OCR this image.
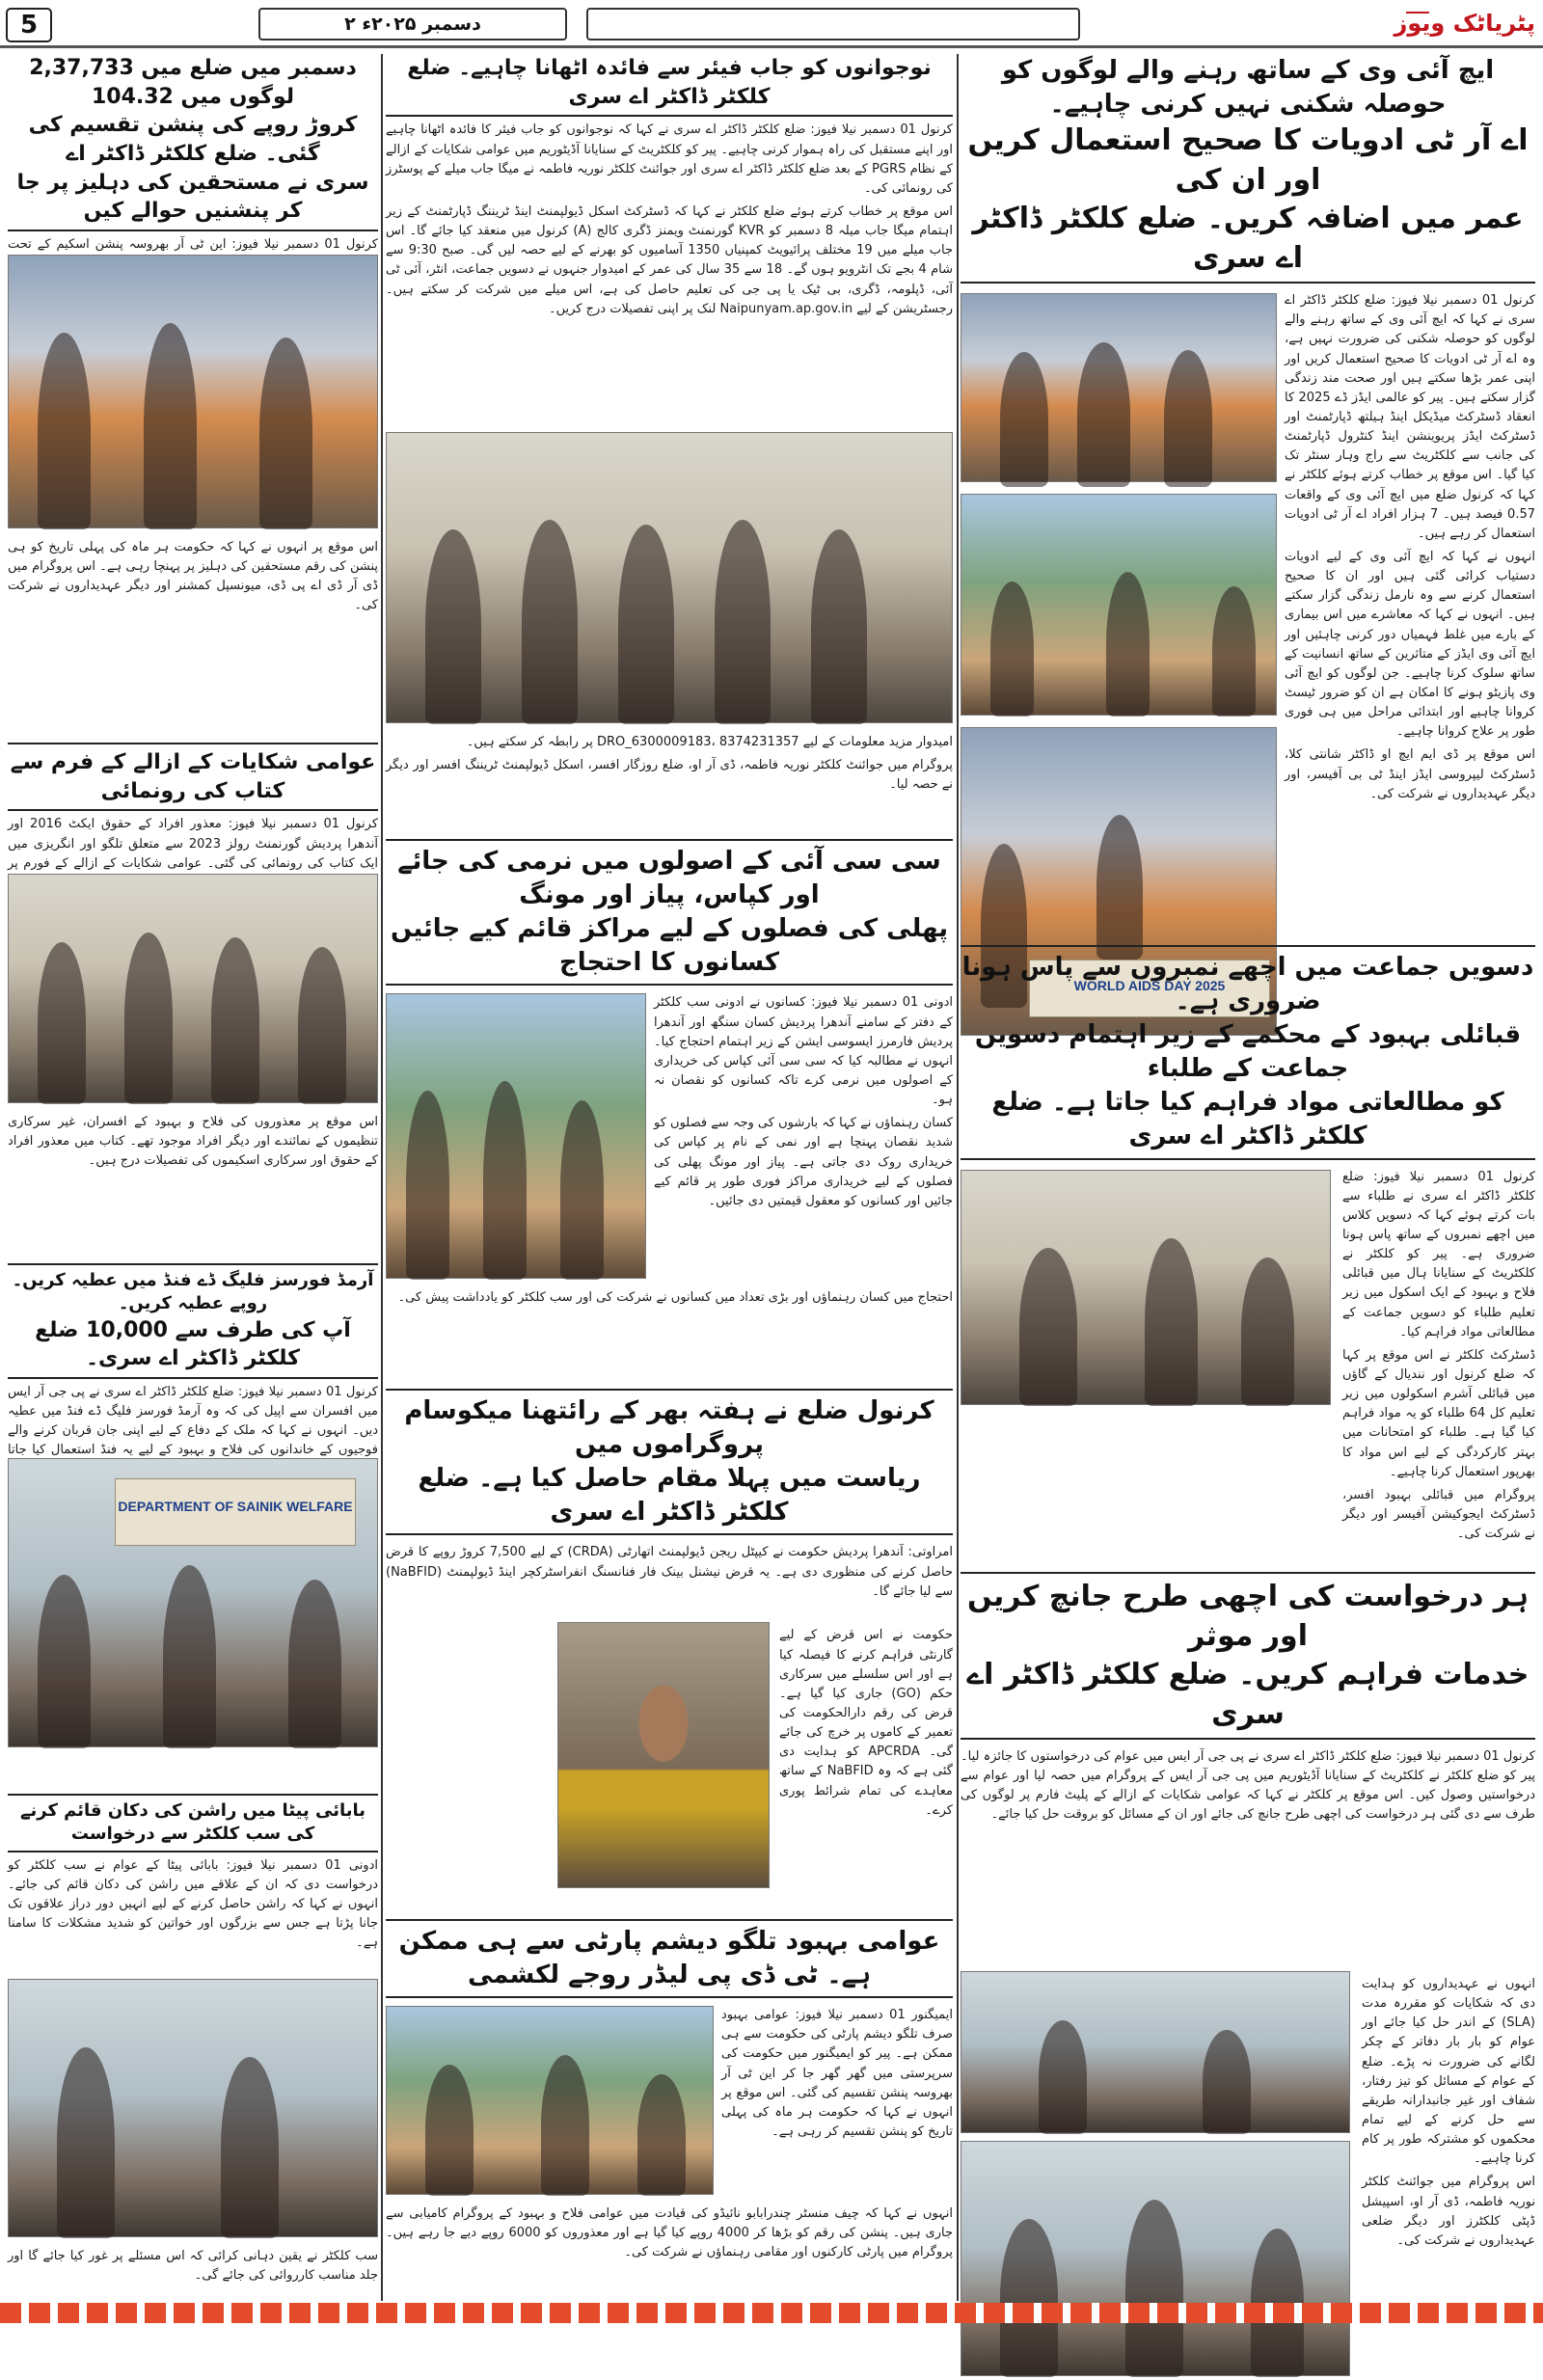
5	۲ دسمبر ۲۰۲۵ء	پٹریاٹک ویوز
ایچ آئی وی کے ساتھ رہنے والے لوگوں کو حوصلہ شکنی نہیں کرنی چاہیے۔
اے آر ٹی ادویات کا صحیح استعمال کریں اور ان کی
عمر میں اضافہ کریں۔ ضلع کلکٹر ڈاکٹر اے سری

کرنول 01 دسمبر نیلا فیوز: ضلع کلکٹر ڈاکٹر اے سری نے کہا کہ ایچ آئی وی کے ساتھ رہنے والے لوگوں کو حوصلہ شکنی کی ضرورت نہیں ہے، وہ اے آر ٹی ادویات کا صحیح استعمال کریں اور اپنی عمر بڑھا سکتے ہیں اور صحت مند زندگی گزار سکتے ہیں۔ پیر کو عالمی ایڈز ڈے 2025 کا انعقاد ڈسٹرکٹ میڈیکل اینڈ ہیلتھ ڈپارٹمنٹ اور ڈسٹرکٹ ایڈز پریوینشن اینڈ کنٹرول ڈپارٹمنٹ کی جانب سے کلکٹریٹ سے راج وہار سنٹر تک کیا گیا۔ اس موقع پر خطاب کرتے ہوئے کلکٹر نے کہا کہ کرنول ضلع میں ایچ آئی وی کے واقعات 0.57 فیصد ہیں۔ 7 ہزار افراد اے آر ٹی ادویات استعمال کر رہے ہیں۔

انہوں نے کہا کہ ایچ آئی وی کے لیے ادویات دستیاب کرائی گئی ہیں اور ان کا صحیح استعمال کرنے سے وہ نارمل زندگی گزار سکتے ہیں۔ انہوں نے کہا کہ معاشرے میں اس بیماری کے بارے میں غلط فہمیاں دور کرنی چاہئیں اور ایچ آئی وی ایڈز کے متاثرین کے ساتھ انسانیت کے ساتھ سلوک کرنا چاہیے۔ جن لوگوں کو ایچ آئی وی پازیٹو ہونے کا امکان ہے ان کو ضرور ٹیسٹ کروانا چاہیے اور ابتدائی مراحل میں ہی فوری طور پر علاج کروانا چاہیے۔

اس موقع پر ڈی ایم ایچ او ڈاکٹر شانتی کلا، ڈسٹرکٹ لیپروسی ایڈز اینڈ ٹی بی آفیسر، اور دیگر عہدیداروں نے شرکت کی۔

WORLD AIDS DAY 2025
دسویں جماعت میں اچھے نمبروں سے پاس ہونا ضروری ہے۔
قبائلی بہبود کے محکمے کے زیر اہتمام دسویں جماعت کے طلباء
کو مطالعاتی مواد فراہم کیا جاتا ہے۔ ضلع کلکٹر ڈاکٹر اے سری

کرنول 01 دسمبر نیلا فیوز: ضلع کلکٹر ڈاکٹر اے سری نے طلباء سے بات کرتے ہوئے کہا کہ دسویں کلاس میں اچھے نمبروں کے ساتھ پاس ہونا ضروری ہے۔ پیر کو کلکٹر نے کلکٹریٹ کے سنایانا ہال میں قبائلی فلاح و بہبود کے ایک اسکول میں زیر تعلیم طلباء کو دسویں جماعت کے مطالعاتی مواد فراہم کیا۔

ڈسٹرکٹ کلکٹر نے اس موقع پر کہا کہ ضلع کرنول اور نندیال کے گاؤں میں قبائلی آشرم اسکولوں میں زیر تعلیم کل 64 طلباء کو یہ مواد فراہم کیا گیا ہے۔ طلباء کو امتحانات میں بہتر کارکردگی کے لیے اس مواد کا بھرپور استعمال کرنا چاہیے۔

پروگرام میں قبائلی بہبود افسر، ڈسٹرکٹ ایجوکیشن آفیسر اور دیگر نے شرکت کی۔

ہر درخواست کی اچھی طرح جانچ کریں اور موثر
خدمات فراہم کریں۔ ضلع کلکٹر ڈاکٹر اے سری

کرنول 01 دسمبر نیلا فیوز: ضلع کلکٹر ڈاکٹر اے سری نے پی جی آر ایس میں عوام کی درخواستوں کا جائزہ لیا۔ پیر کو ضلع کلکٹر نے کلکٹریٹ کے سنایانا آڈیٹوریم میں پی جی آر ایس کے پروگرام میں حصہ لیا اور عوام سے درخواستیں وصول کیں۔ اس موقع پر کلکٹر نے کہا کہ عوامی شکایات کے ازالے کے پلیٹ فارم پر لوگوں کی طرف سے دی گئی ہر درخواست کی اچھی طرح جانچ کی جائے اور ان کے مسائل کو بروقت حل کیا جائے۔

انہوں نے عہدیداروں کو ہدایت دی کہ شکایات کو مقررہ مدت (SLA) کے اندر حل کیا جائے اور عوام کو بار بار دفاتر کے چکر لگانے کی ضرورت نہ پڑے۔ ضلع کے عوام کے مسائل کو تیز رفتار، شفاف اور غیر جانبدارانہ طریقے سے حل کرنے کے لیے تمام محکموں کو مشترکہ طور پر کام کرنا چاہیے۔

اس پروگرام میں جوائنٹ کلکٹر نوریہ فاطمہ، ڈی آر او، اسپیشل ڈپٹی کلکٹرز اور دیگر ضلعی عہدیداروں نے شرکت کی۔

نوجوانوں کو جاب فیئر سے فائدہ اٹھانا چاہیے۔ ضلع کلکٹر ڈاکٹر اے سری

کرنول 01 دسمبر نیلا فیوز: ضلع کلکٹر ڈاکٹر اے سری نے کہا کہ نوجوانوں کو جاب فیئر کا فائدہ اٹھانا چاہیے اور اپنے مستقبل کی راہ ہموار کرنی چاہیے۔ پیر کو کلکٹریٹ کے سنایانا آڈیٹوریم میں عوامی شکایات کے ازالے کے نظام PGRS کے بعد ضلع کلکٹر ڈاکٹر اے سری اور جوائنٹ کلکٹر نوریہ فاطمہ نے میگا جاب میلے کے پوسٹرز کی رونمائی کی۔

اس موقع پر خطاب کرتے ہوئے ضلع کلکٹر نے کہا کہ ڈسٹرکٹ اسکل ڈیولپمنٹ اینڈ ٹریننگ ڈپارٹمنٹ کے زیر اہتمام میگا جاب میلہ 8 دسمبر کو KVR گورنمنٹ ویمنز ڈگری کالج (A) کرنول میں منعقد کیا جائے گا۔ اس جاب میلے میں 19 مختلف پرائیویٹ کمپنیاں 1350 آسامیوں کو بھرنے کے لیے حصہ لیں گی۔ صبح 9:30 سے شام 4 بجے تک انٹرویو ہوں گے۔ 18 سے 35 سال کی عمر کے امیدوار جنہوں نے دسویں جماعت، انٹر، آئی ٹی آئی، ڈپلومہ، ڈگری، بی ٹیک یا پی جی کی تعلیم حاصل کی ہے، اس میلے میں شرکت کر سکتے ہیں۔ رجسٹریشن کے لیے Naipunyam.ap.gov.in لنک پر اپنی تفصیلات درج کریں۔

امیدوار مزید معلومات کے لیے DRO_6300009183، 8374231357 پر رابطہ کر سکتے ہیں۔

پروگرام میں جوائنٹ کلکٹر نوریہ فاطمہ، ڈی آر او، ضلع روزگار افسر، اسکل ڈیولپمنٹ ٹریننگ افسر اور دیگر نے حصہ لیا۔

سی سی آئی کے اصولوں میں نرمی کی جائے اور کپاس، پیاز اور مونگ
پھلی کی فصلوں کے لیے مراکز قائم کیے جائیں کسانوں کا احتجاج

ادونی 01 دسمبر نیلا فیوز: کسانوں نے ادونی سب کلکٹر کے دفتر کے سامنے آندھرا پردیش کسان سنگھ اور آندھرا پردیش فارمرز ایسوسی ایشن کے زیر اہتمام احتجاج کیا۔ انہوں نے مطالبہ کیا کہ سی سی آئی کپاس کی خریداری کے اصولوں میں نرمی کرے تاکہ کسانوں کو نقصان نہ ہو۔

کسان رہنماؤں نے کہا کہ بارشوں کی وجہ سے فصلوں کو شدید نقصان پہنچا ہے اور نمی کے نام پر کپاس کی خریداری روک دی جاتی ہے۔ پیاز اور مونگ پھلی کی فصلوں کے لیے خریداری مراکز فوری طور پر قائم کیے جائیں اور کسانوں کو معقول قیمتیں دی جائیں۔

احتجاج میں کسان رہنماؤں اور بڑی تعداد میں کسانوں نے شرکت کی اور سب کلکٹر کو یادداشت پیش کی۔

کرنول ضلع نے ہفتہ بھر کے رائتھنا میکوسام پروگراموں میں
ریاست میں پہلا مقام حاصل کیا ہے۔ ضلع کلکٹر ڈاکٹر اے سری

امراوتی: آندھرا پردیش حکومت نے کیپٹل ریجن ڈیولپمنٹ اتھارٹی (CRDA) کے لیے 7,500 کروڑ روپے کا قرض حاصل کرنے کی منظوری دی ہے۔ یہ قرض نیشنل بینک فار فنانسنگ انفراسٹرکچر اینڈ ڈیولپمنٹ (NaBFID) سے لیا جائے گا۔

حکومت نے اس قرض کے لیے گارنٹی فراہم کرنے کا فیصلہ کیا ہے اور اس سلسلے میں سرکاری حکم (GO) جاری کیا گیا ہے۔ قرض کی رقم دارالحکومت کی تعمیر کے کاموں پر خرچ کی جائے گی۔ APCRDA کو ہدایت دی گئی ہے کہ وہ NaBFID کے ساتھ معاہدے کی تمام شرائط پوری کرے۔

عوامی بہبود تلگو دیشم پارٹی سے ہی ممکن ہے۔ ٹی ڈی پی لیڈر روجے لکشمی

ایمیگنور 01 دسمبر نیلا فیوز: عوامی بہبود صرف تلگو دیشم پارٹی کی حکومت سے ہی ممکن ہے۔ پیر کو ایمیگنور میں حکومت کی سرپرستی میں گھر گھر جا کر این ٹی آر بھروسہ پنشن تقسیم کی گئی۔ اس موقع پر انہوں نے کہا کہ حکومت ہر ماہ کی پہلی تاریخ کو پنشن تقسیم کر رہی ہے۔

انہوں نے کہا کہ چیف منسٹر چندرابابو نائیڈو کی قیادت میں عوامی فلاح و بہبود کے پروگرام کامیابی سے جاری ہیں۔ پنشن کی رقم کو بڑھا کر 4000 روپے کیا گیا ہے اور معذوروں کو 6000 روپے دیے جا رہے ہیں۔ پروگرام میں پارٹی کارکنوں اور مقامی رہنماؤں نے شرکت کی۔

دسمبر میں ضلع میں 2,37,733 لوگوں میں 104.32
کروڑ روپے کی پنشن تقسیم کی گئی۔ ضلع کلکٹر ڈاکٹر اے
سری نے مستحقین کی دہلیز پر جا کر پنشنیں حوالے کیں

کرنول 01 دسمبر نیلا فیوز: این ٹی آر بھروسہ پنشن اسکیم کے تحت

اس موقع پر انہوں نے کہا کہ حکومت ہر ماہ کی پہلی تاریخ کو ہی پنشن کی رقم مستحقین کی دہلیز پر پہنچا رہی ہے۔ اس پروگرام میں ڈی آر ڈی اے پی ڈی، میونسپل کمشنر اور دیگر عہدیداروں نے شرکت کی۔

عوامی شکایات کے ازالے کے فرم سے کتاب کی رونمائی

کرنول 01 دسمبر نیلا فیوز: معذور افراد کے حقوق ایکٹ 2016 اور آندھرا پردیش گورنمنٹ رولز 2023 سے متعلق تلگو اور انگریزی میں ایک کتاب کی رونمائی کی گئی۔ عوامی شکایات کے ازالے کے فورم پر

اس موقع پر معذوروں کی فلاح و بہبود کے افسران، غیر سرکاری تنظیموں کے نمائندے اور دیگر افراد موجود تھے۔ کتاب میں معذور افراد کے حقوق اور سرکاری اسکیموں کی تفصیلات درج ہیں۔

آرمڈ فورسز فلیگ ڈے فنڈ میں عطیہ کریں۔ روپے عطیہ کریں۔
آپ کی طرف سے 10,000 ضلع کلکٹر ڈاکٹر اے سری۔

کرنول 01 دسمبر نیلا فیوز: ضلع کلکٹر ڈاکٹر اے سری نے پی جی آر ایس میں افسران سے اپیل کی کہ وہ آرمڈ فورسز فلیگ ڈے فنڈ میں عطیہ دیں۔ انہوں نے کہا کہ ملک کے دفاع کے لیے اپنی جان قربان کرنے والے فوجیوں کے خاندانوں کی فلاح و بہبود کے لیے یہ فنڈ استعمال کیا جاتا

DEPARTMENT OF SAINIK WELFARE
بابائی پیٹا میں راشن کی دکان قائم کرنے کی سب کلکٹر سے درخواست

ادونی 01 دسمبر نیلا فیوز: بابائی پیٹا کے عوام نے سب کلکٹر کو درخواست دی کہ ان کے علاقے میں راشن کی دکان قائم کی جائے۔ انہوں نے کہا کہ راشن حاصل کرنے کے لیے انہیں دور دراز علاقوں تک جانا پڑتا ہے جس سے بزرگوں اور خواتین کو شدید مشکلات کا سامنا ہے۔

سب کلکٹر نے یقین دہانی کرائی کہ اس مسئلے پر غور کیا جائے گا اور جلد مناسب کارروائی کی جائے گی۔
